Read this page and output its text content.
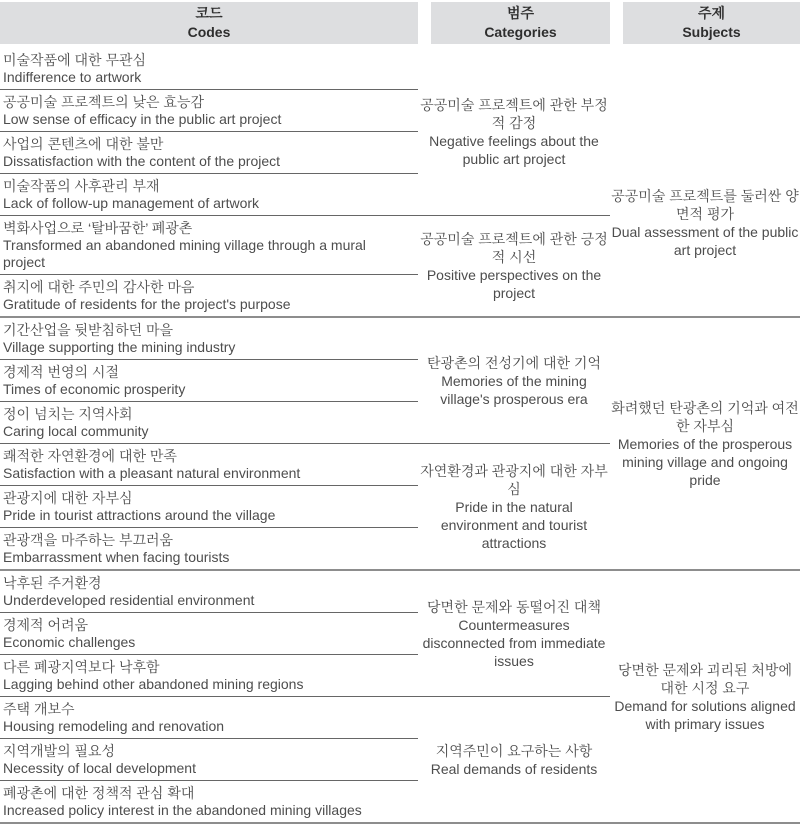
코드
Codes
범주
Categories
주제
Subjects
미술작품에 대한 무관심
Indifference to artwork
공공미술 프로젝트의 낮은 효능감
Low sense of efficacy in the public art project
사업의 콘텐츠에 대한 불만
Dissatisfaction with the content of the project
미술작품의 사후관리 부재
Lack of follow-up management of artwork
공공미술 프로젝트에 관한 부정적 감정
Negative feelings about the public art project
벽화사업으로 ‘탈바꿈한’ 폐광촌
Transformed an abandoned mining village through a mural project
취지에 대한 주민의 감사한 마음
Gratitude of residents for the project's purpose
공공미술 프로젝트에 관한 긍정적 시선
Positive perspectives on the project
공공미술 프로젝트를 둘러싼 양면적 평가
Dual assessment of the public art project
기간산업을 뒷받침하던 마을
Village supporting the mining industry
경제적 번영의 시절
Times of economic prosperity
정이 넘치는 지역사회
Caring local community
탄광촌의 전성기에 대한 기억
Memories of the mining village's prosperous era
쾌적한 자연환경에 대한 만족
Satisfaction with a pleasant natural environment
관광지에 대한 자부심
Pride in tourist attractions around the village
관광객을 마주하는 부끄러움
Embarrassment when facing tourists
자연환경과 관광지에 대한 자부심
Pride in the natural environment and tourist attractions
화려했던 탄광촌의 기억과 여전한 자부심
Memories of the prosperous mining village and ongoing pride
낙후된 주거환경
Underdeveloped residential environment
경제적 어려움
Economic challenges
다른 폐광지역보다 낙후함
Lagging behind other abandoned mining regions
당면한 문제와 동떨어진 대책
Countermeasures disconnected from immediate issues
주택 개보수
Housing remodeling and renovation
지역개발의 필요성
Necessity of local development
폐광촌에 대한 정책적 관심 확대
Increased policy interest in the abandoned mining villages
지역주민이 요구하는 사항
Real demands of residents
당면한 문제와 괴리된 처방에 대한 시정 요구
Demand for solutions aligned with primary issues
